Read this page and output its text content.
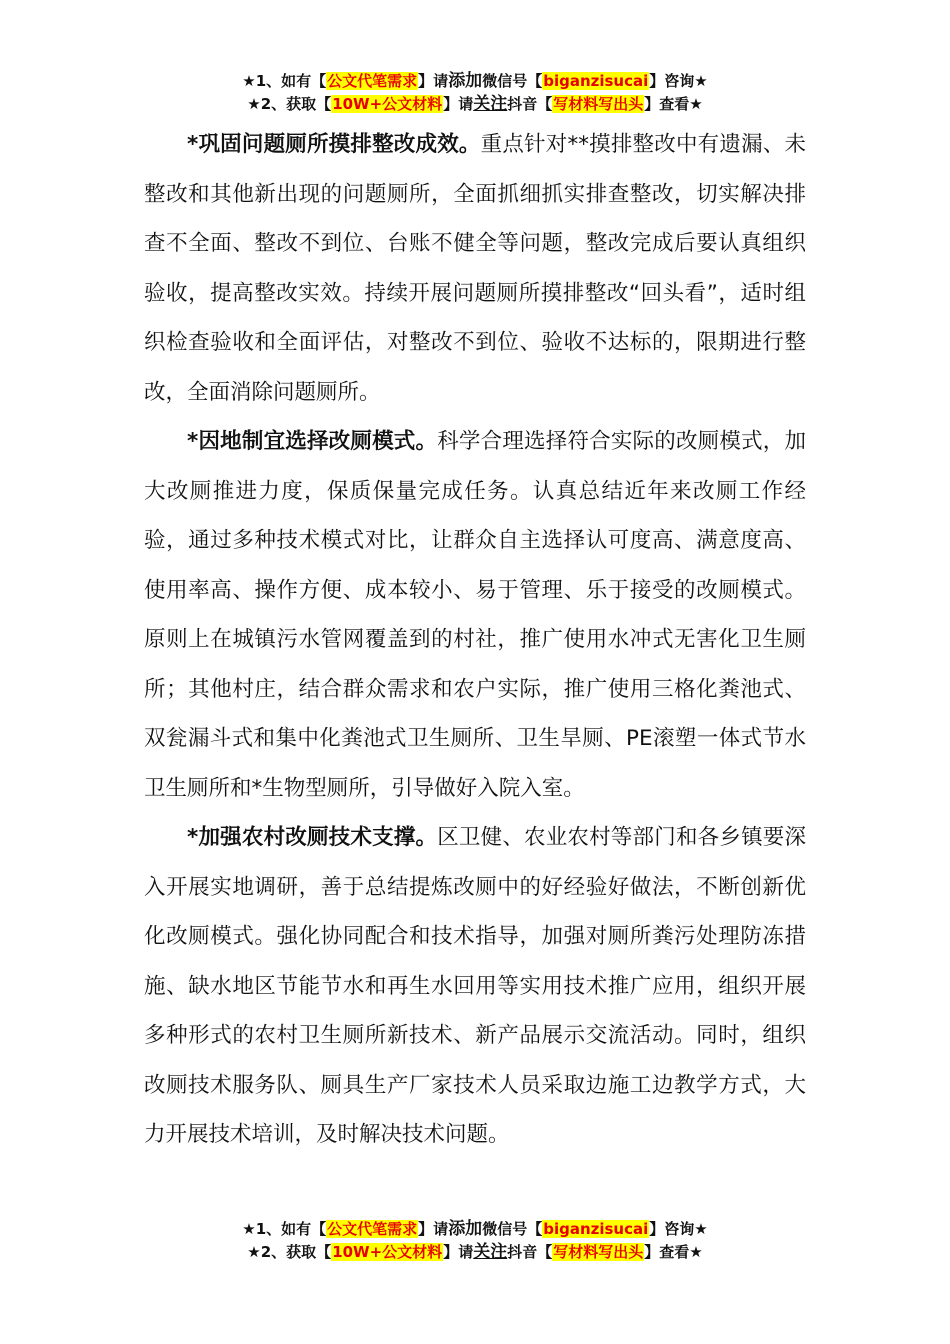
★1、如有【公文代笔需求】请添加微信号【biganzisucai】咨询★
★2、获取【10W+公文材料】请关注抖音【写材料写出头】查看★

*巩固问题厕所摸排整改成效。重点针对**摸排整改中有遗漏、未整改和其他新出现的问题厕所，全面抓细抓实排查整改，切实解决排查不全面、整改不到位、台账不健全等问题，整改完成后要认真组织验收，提高整改实效。持续开展问题厕所摸排整改“回头看”，适时组织检查验收和全面评估，对整改不到位、验收不达标的，限期进行整改，全面消除问题厕所。

*因地制宜选择改厕模式。科学合理选择符合实际的改厕模式，加大改厕推进力度，保质保量完成任务。认真总结近年来改厕工作经验，通过多种技术模式对比，让群众自主选择认可度高、满意度高、使用率高、操作方便、成本较小、易于管理、乐于接受的改厕模式。原则上在城镇污水管网覆盖到的村社，推广使用水冲式无害化卫生厕所；其他村庄，结合群众需求和农户实际，推广使用三格化粪池式、双瓮漏斗式和集中化粪池式卫生厕所、卫生旱厕、PE滚塑一体式节水卫生厕所和*生物型厕所，引导做好入院入室。

*加强农村改厕技术支撑。区卫健、农业农村等部门和各乡镇要深入开展实地调研，善于总结提炼改厕中的好经验好做法，不断创新优化改厕模式。强化协同配合和技术指导，加强对厕所粪污处理防冻措施、缺水地区节能节水和再生水回用等实用技术推广应用，组织开展多种形式的农村卫生厕所新技术、新产品展示交流活动。同时，组织改厕技术服务队、厕具生产厂家技术人员采取边施工边教学方式，大力开展技术培训，及时解决技术问题。

★1、如有【公文代笔需求】请添加微信号【biganzisucai】咨询★
★2、获取【10W+公文材料】请关注抖音【写材料写出头】查看★
